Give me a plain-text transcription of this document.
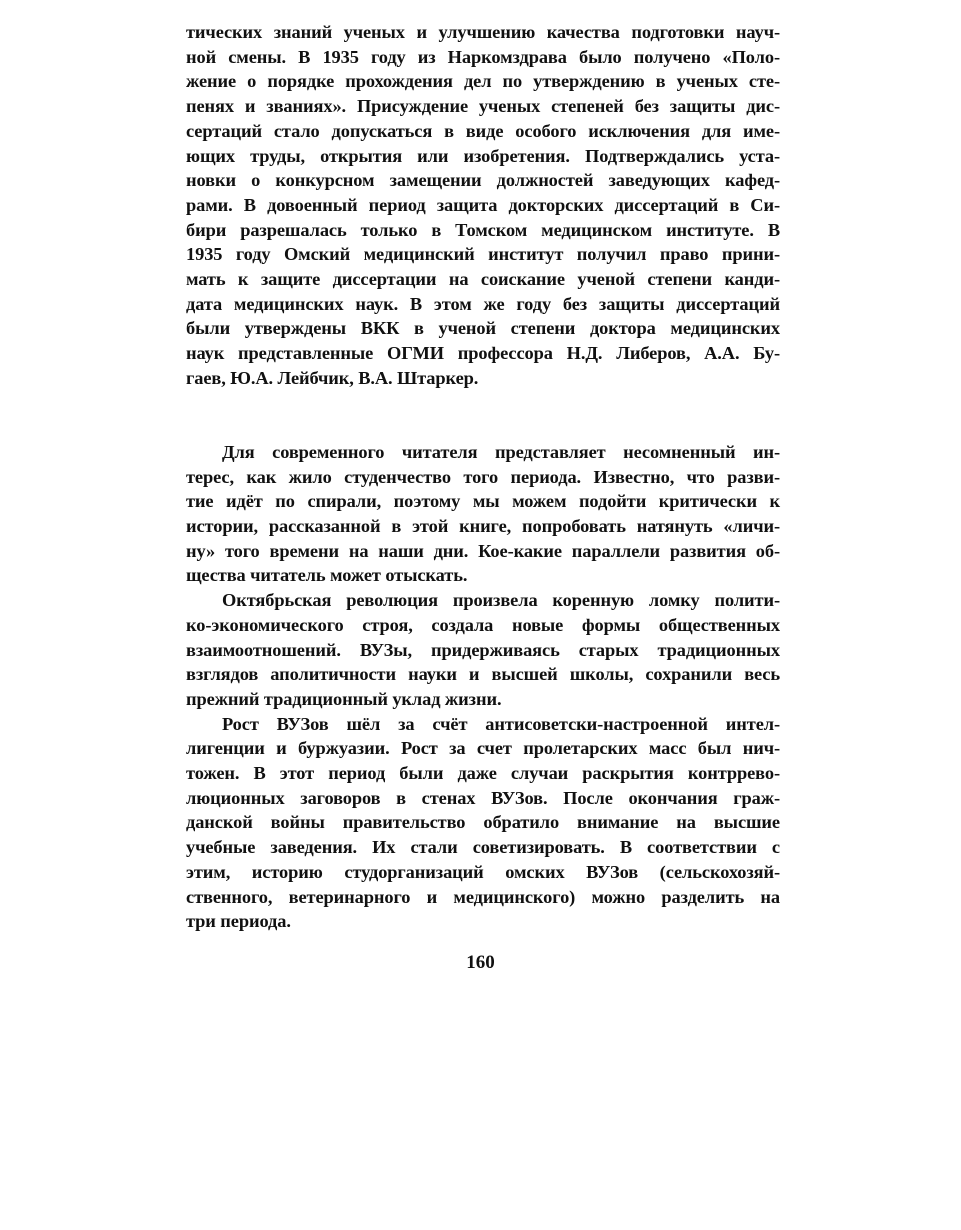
тических знаний ученых и улучшению качества подготовки науч-
ной смены. В 1935 году из Наркомздрава было получено «Поло-
жение о порядке прохождения дел по утверждению в ученых сте-
пенях и званиях». Присуждение ученых степеней без защиты дис-
сертаций стало допускаться в виде особого исключения для име-
ющих труды, открытия или изобретения. Подтверждались уста-
новки о конкурсном замещении должностей заведующих кафед-
рами. В довоенный период защита докторских диссертаций в Си-
бири разрешалась только в Томском медицинском институте. В
1935 году Омский медицинский институт получил право прини-
мать к защите диссертации на соискание ученой степени канди-
дата медицинских наук. В этом же году без защиты диссертаций
были утверждены ВКК в ученой степени доктора медицинских
наук представленные ОГМИ профессора Н.Д. Либеров, А.А. Бу-
гаев, Ю.А. Лейбчик, В.А. Штаркер.
Для современного читателя представляет несомненный ин-
терес, как жило студенчество того периода. Известно, что разви-
тие идёт по спирали, поэтому мы можем подойти критически к
истории, рассказанной в этой книге, попробовать натянуть «личи-
ну» того времени на наши дни. Кое-какие параллели развития об-
щества читатель может отыскать.
Октябрьская революция произвела коренную ломку полити-
ко-экономического строя, создала новые формы общественных
взаимоотношений. ВУЗы, придерживаясь старых традиционных
взглядов аполитичности науки и высшей школы, сохранили весь
прежний традиционный уклад жизни.
Рост ВУЗов шёл за счёт антисоветски-настроенной интел-
лигенции и буржуазии. Рост за счет пролетарских масс был нич-
тожен. В этот период были даже случаи раскрытия контррево-
люционных заговоров в стенах ВУЗов. После окончания граж-
данской войны правительство обратило внимание на высшие
учебные заведения. Их стали советизировать. В соответствии с
этим, историю студорганизаций омских ВУЗов (сельскохозяй-
ственного, ветеринарного и медицинского) можно разделить на
три периода.
160
